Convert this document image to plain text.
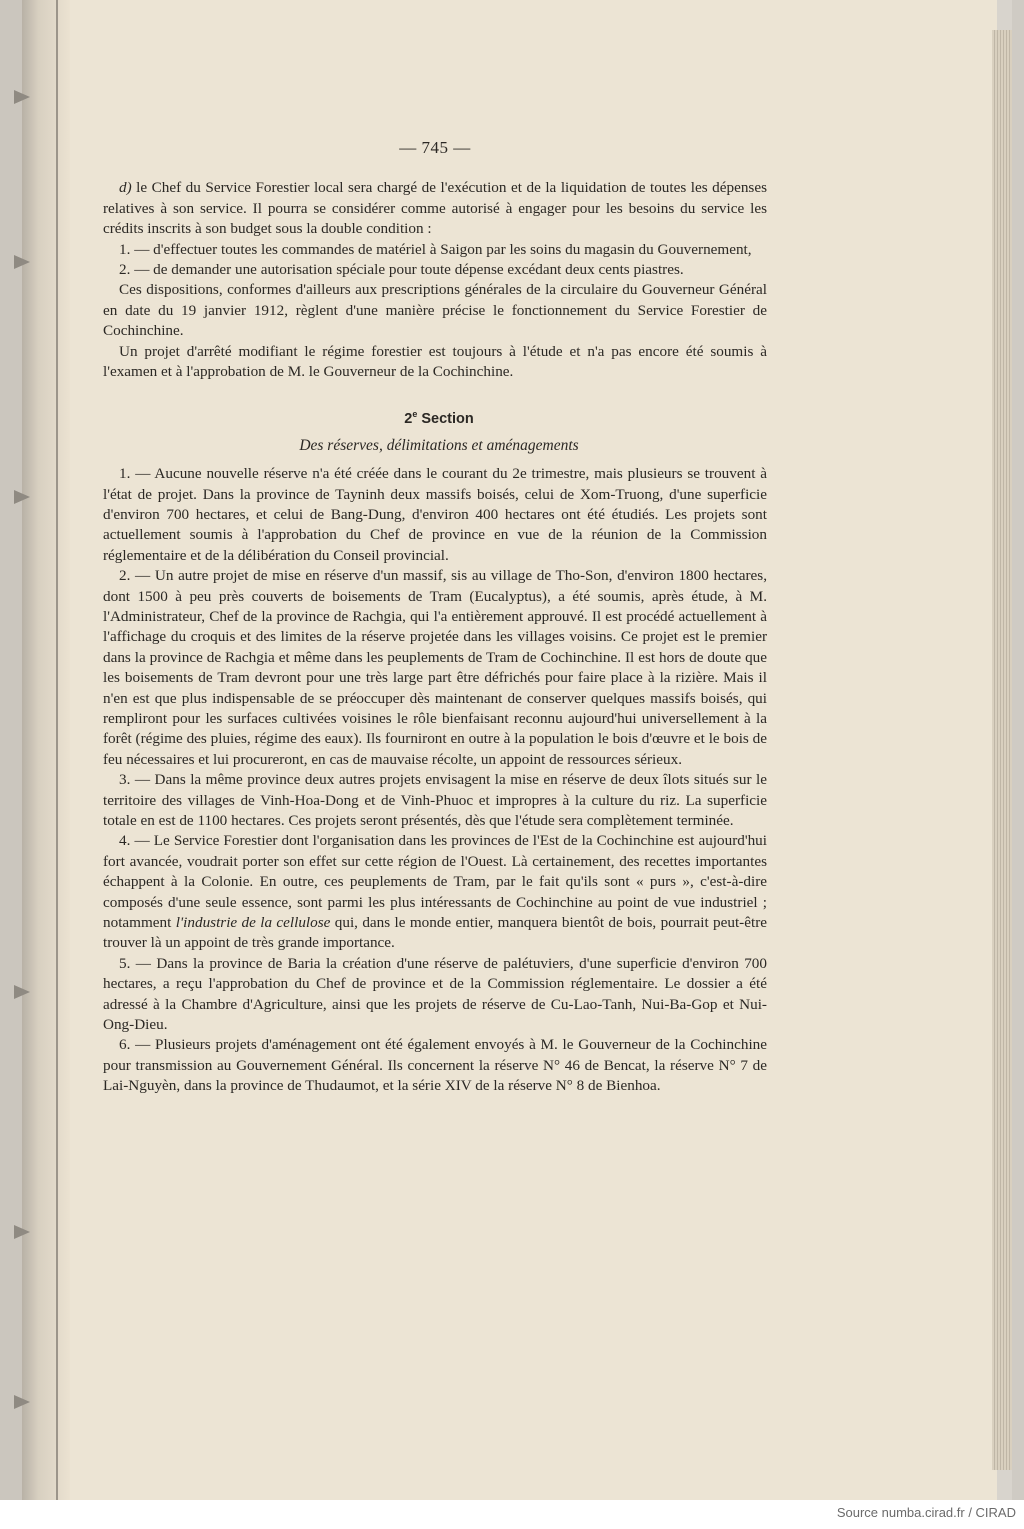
— 745 —

d) le Chef du Service Forestier local sera chargé de l'exécution et de la liquidation de toutes les dépenses relatives à son service. Il pourra se considérer comme autorisé à engager pour les besoins du service les crédits inscrits à son budget sous la double condition :

1. — d'effectuer toutes les commandes de matériel à Saigon par les soins du magasin du Gouvernement,

2. — de demander une autorisation spéciale pour toute dépense excédant deux cents piastres.

Ces dispositions, conformes d'ailleurs aux prescriptions générales de la circulaire du Gouverneur Général en date du 19 janvier 1912, règlent d'une manière précise le fonctionnement du Service Forestier de Cochinchine.

Un projet d'arrêté modifiant le régime forestier est toujours à l'étude et n'a pas encore été soumis à l'examen et à l'approbation de M. le Gouverneur de la Cochinchine.

2e Section
Des réserves, délimitations et aménagements

1. — Aucune nouvelle réserve n'a été créée dans le courant du 2e trimestre, mais plusieurs se trouvent à l'état de projet. Dans la province de Tayninh deux massifs boisés, celui de Xom-Truong, d'une superficie d'environ 700 hectares, et celui de Bang-Dung, d'environ 400 hectares ont été étudiés. Les projets sont actuellement soumis à l'approbation du Chef de province en vue de la réunion de la Commission réglementaire et de la délibération du Conseil provincial.

2. — Un autre projet de mise en réserve d'un massif, sis au village de Tho-Son, d'environ 1800 hectares, dont 1500 à peu près couverts de boisements de Tram (Eucalyptus), a été soumis, après étude, à M. l'Administrateur, Chef de la province de Rachgia, qui l'a entièrement approuvé. Il est procédé actuellement à l'affichage du croquis et des limites de la réserve projetée dans les villages voisins. Ce projet est le premier dans la province de Rachgia et même dans les peuplements de Tram de Cochinchine. Il est hors de doute que les boisements de Tram devront pour une très large part être défrichés pour faire place à la rizière. Mais il n'en est que plus indispensable de se préoccuper dès maintenant de conserver quelques massifs boisés, qui rempliront pour les surfaces cultivées voisines le rôle bienfaisant reconnu aujourd'hui universellement à la forêt (régime des pluies, régime des eaux). Ils fourniront en outre à la population le bois d'œuvre et le bois de feu nécessaires et lui procureront, en cas de mauvaise récolte, un appoint de ressources sérieux.

3. — Dans la même province deux autres projets envisagent la mise en réserve de deux îlots situés sur le territoire des villages de Vinh-Hoa-Dong et de Vinh-Phuoc et impropres à la culture du riz. La superficie totale en est de 1100 hectares. Ces projets seront présentés, dès que l'étude sera complètement terminée.

4. — Le Service Forestier dont l'organisation dans les provinces de l'Est de la Cochinchine est aujourd'hui fort avancée, voudrait porter son effet sur cette région de l'Ouest. Là certainement, des recettes importantes échappent à la Colonie. En outre, ces peuplements de Tram, par le fait qu'ils sont « purs », c'est-à-dire composés d'une seule essence, sont parmi les plus intéressants de Cochinchine au point de vue industriel ; notamment l'industrie de la cellulose qui, dans le monde entier, manquera bientôt de bois, pourrait peut-être trouver là un appoint de très grande importance.

5. — Dans la province de Baria la création d'une réserve de palétuviers, d'une superficie d'environ 700 hectares, a reçu l'approbation du Chef de province et de la Commission réglementaire. Le dossier a été adressé à la Chambre d'Agriculture, ainsi que les projets de réserve de Cu-Lao-Tanh, Nui-Ba-Gop et Nui-Ong-Dieu.

6. — Plusieurs projets d'aménagement ont été également envoyés à M. le Gouverneur de la Cochinchine pour transmission au Gouvernement Général. Ils concernent la réserve N° 46 de Bencat, la réserve N° 7 de Lai-Nguyèn, dans la province de Thudaumot, et la série XIV de la réserve N° 8 de Bienhoa.

Source numba.cirad.fr / CIRAD
